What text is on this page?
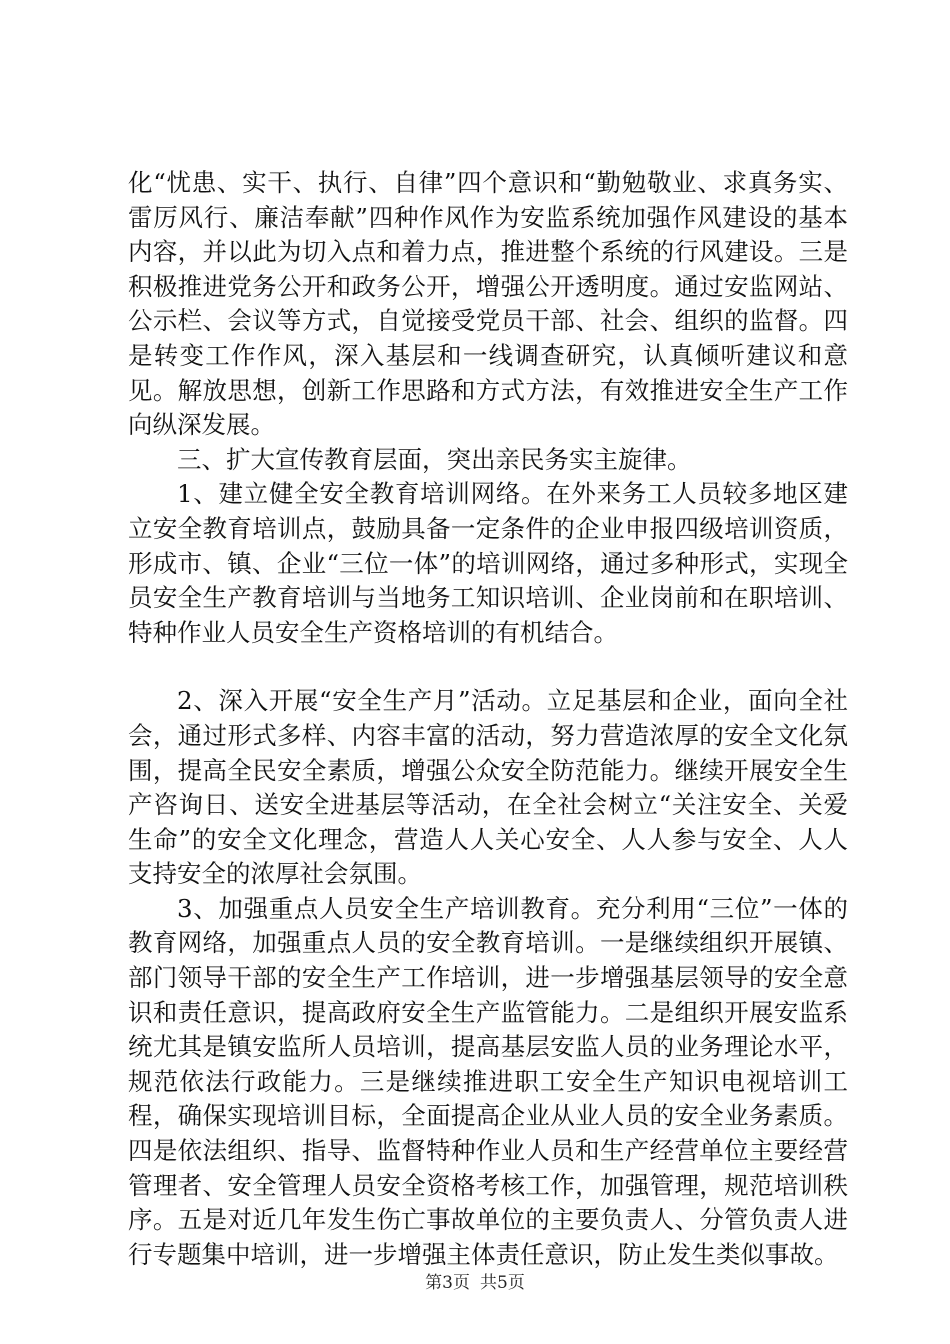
化“忧患、实干、执行、自律”四个意识和“勤勉敬业、求真务实、雷厉风行、廉洁奉献”四种作风作为安监系统加强作风建设的基本内容，并以此为切入点和着力点，推进整个系统的行风建设。三是积极推进党务公开和政务公开，增强公开透明度。通过安监网站、公示栏、会议等方式，自觉接受党员干部、社会、组织的监督。四是转变工作作风，深入基层和一线调查研究，认真倾听建议和意见。解放思想，创新工作思路和方式方法，有效推进安全生产工作向纵深发展。

三、扩大宣传教育层面，突出亲民务实主旋律。

1、建立健全安全教育培训网络。在外来务工人员较多地区建立安全教育培训点，鼓励具备一定条件的企业申报四级培训资质，形成市、镇、企业“三位一体”的培训网络，通过多种形式，实现全员安全生产教育培训与当地务工知识培训、企业岗前和在职培训、特种作业人员安全生产资格培训的有机结合。

2、深入开展“安全生产月”活动。立足基层和企业，面向全社会，通过形式多样、内容丰富的活动，努力营造浓厚的安全文化氛围，提高全民安全素质，增强公众安全防范能力。继续开展安全生产咨询日、送安全进基层等活动，在全社会树立“关注安全、关爱生命”的安全文化理念，营造人人关心安全、人人参与安全、人人支持安全的浓厚社会氛围。

3、加强重点人员安全生产培训教育。充分利用“三位”一体的教育网络，加强重点人员的安全教育培训。一是继续组织开展镇、部门领导干部的安全生产工作培训，进一步增强基层领导的安全意识和责任意识，提高政府安全生产监管能力。二是组织开展安监系统尤其是镇安监所人员培训，提高基层安监人员的业务理论水平，规范依法行政能力。三是继续推进职工安全生产知识电视培训工程，确保实现培训目标，全面提高企业从业人员的安全业务素质。四是依法组织、指导、监督特种作业人员和生产经营单位主要经营管理者、安全管理人员安全资格考核工作，加强管理，规范培训秩序。五是对近几年发生伤亡事故单位的主要负责人、分管负责人进行专题集中培训，进一步增强主体责任意识，防止发生类似事故。

第3页 共5页
